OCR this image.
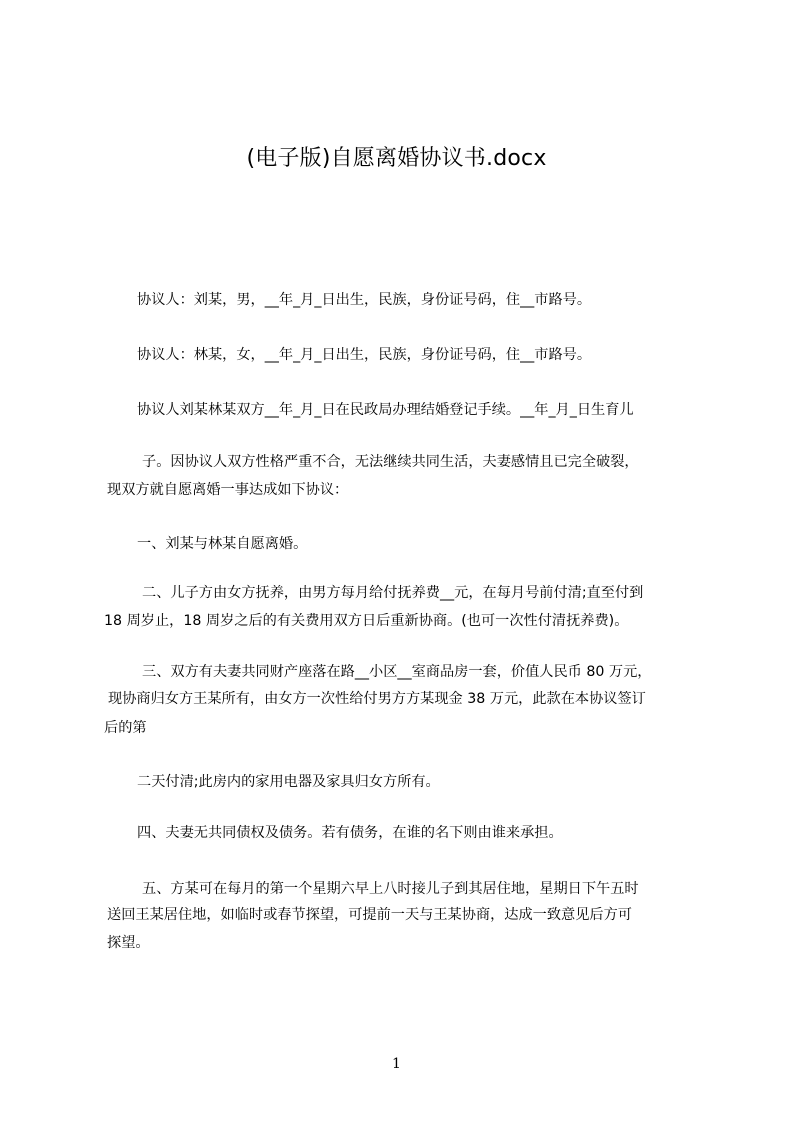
(电子版)自愿离婚协议书.docx
协议人：刘某，男，__年_月_日出生，民族，身份证号码，住__市路号。
协议人：林某，女，__年_月_日出生，民族，身份证号码，住__市路号。
协议人刘某林某双方__年_月_日在民政局办理结婚登记手续。__年_月_日生育儿
子。因协议人双方性格严重不合，无法继续共同生活，夫妻感情且已完全破裂，
现双方就自愿离婚一事达成如下协议：
一、刘某与林某自愿离婚。
二、儿子方由女方抚养，由男方每月给付抚养费__元，在每月号前付清;直至付到
18 周岁止，18 周岁之后的有关费用双方日后重新协商。(也可一次性付清抚养费)。
三、双方有夫妻共同财产座落在路__小区__室商品房一套，价值人民币 80 万元，
现协商归女方王某所有，由女方一次性给付男方方某现金 38 万元，此款在本协议签订
后的第
二天付清;此房内的家用电器及家具归女方所有。
四、夫妻无共同债权及债务。若有债务，在谁的名下则由谁来承担。
五、方某可在每月的第一个星期六早上八时接儿子到其居住地，星期日下午五时
送回王某居住地，如临时或春节探望，可提前一天与王某协商，达成一致意见后方可
探望。
1
